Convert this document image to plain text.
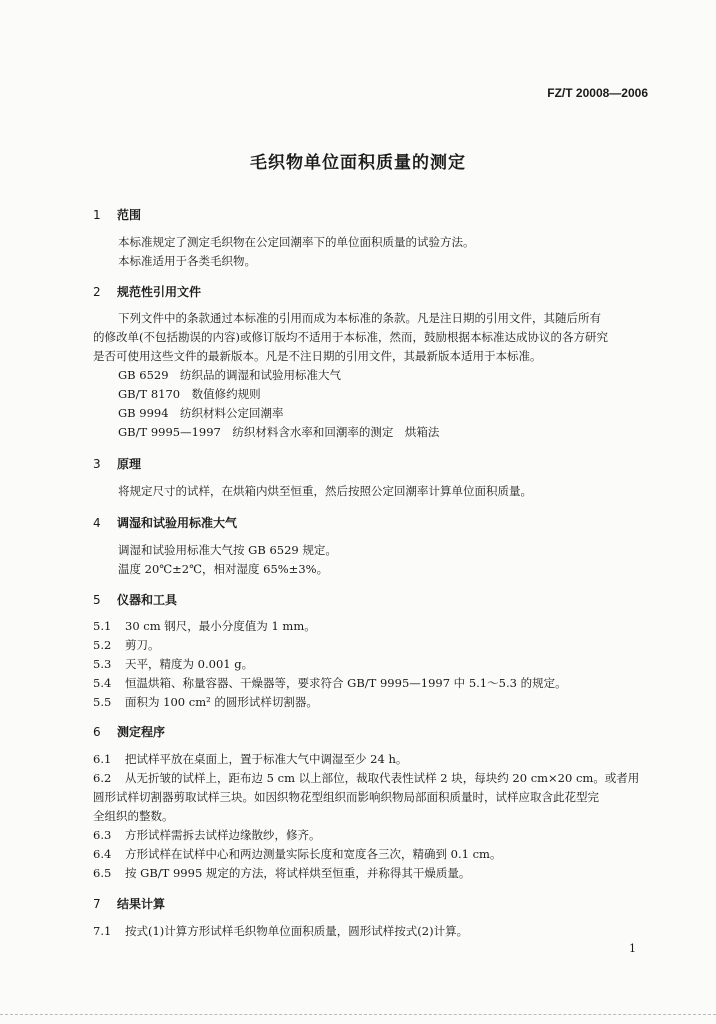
FZ/T 20008—2006
毛织物单位面积质量的测定
1 范围
本标准规定了测定毛织物在公定回潮率下的单位面积质量的试验方法。
本标准适用于各类毛织物。
2 规范性引用文件
下列文件中的条款通过本标准的引用而成为本标准的条款。凡是注日期的引用文件，其随后所有
的修改单(不包括勘误的内容)或修订版均不适用于本标准，然而，鼓励根据本标准达成协议的各方研究
是否可使用这些文件的最新版本。凡是不注日期的引用文件，其最新版本适用于本标准。
GB 6529　纺织品的调湿和试验用标准大气
GB/T 8170　数值修约规则
GB 9994　纺织材料公定回潮率
GB/T 9995—1997　纺织材料含水率和回潮率的测定　烘箱法
3 原理
将规定尺寸的试样，在烘箱内烘至恒重，然后按照公定回潮率计算单位面积质量。
4 调湿和试验用标准大气
调湿和试验用标准大气按 GB 6529 规定。
温度 20℃±2℃，相对湿度 65%±3%。
5 仪器和工具
5.1 30 cm 钢尺，最小分度值为 1 mm。
5.2 剪刀。
5.3 天平，精度为 0.001 g。
5.4 恒温烘箱、称量容器、干燥器等，要求符合 GB/T 9995—1997 中 5.1～5.3 的规定。
5.5 面积为 100 cm² 的圆形试样切割器。
6 测定程序
6.1 把试样平放在桌面上，置于标准大气中调湿至少 24 h。
6.2 从无折皱的试样上，距布边 5 cm 以上部位，裁取代表性试样 2 块，每块约 20 cm×20 cm。或者用
圆形试样切割器剪取试样三块。如因织物花型组织而影响织物局部面积质量时，试样应取含此花型完
全组织的整数。
6.3 方形试样需拆去试样边缘散纱，修齐。
6.4 方形试样在试样中心和两边测量实际长度和宽度各三次，精确到 0.1 cm。
6.5 按 GB/T 9995 规定的方法，将试样烘至恒重，并称得其干燥质量。
7 结果计算
7.1 按式(1)计算方形试样毛织物单位面积质量，圆形试样按式(2)计算。
1
